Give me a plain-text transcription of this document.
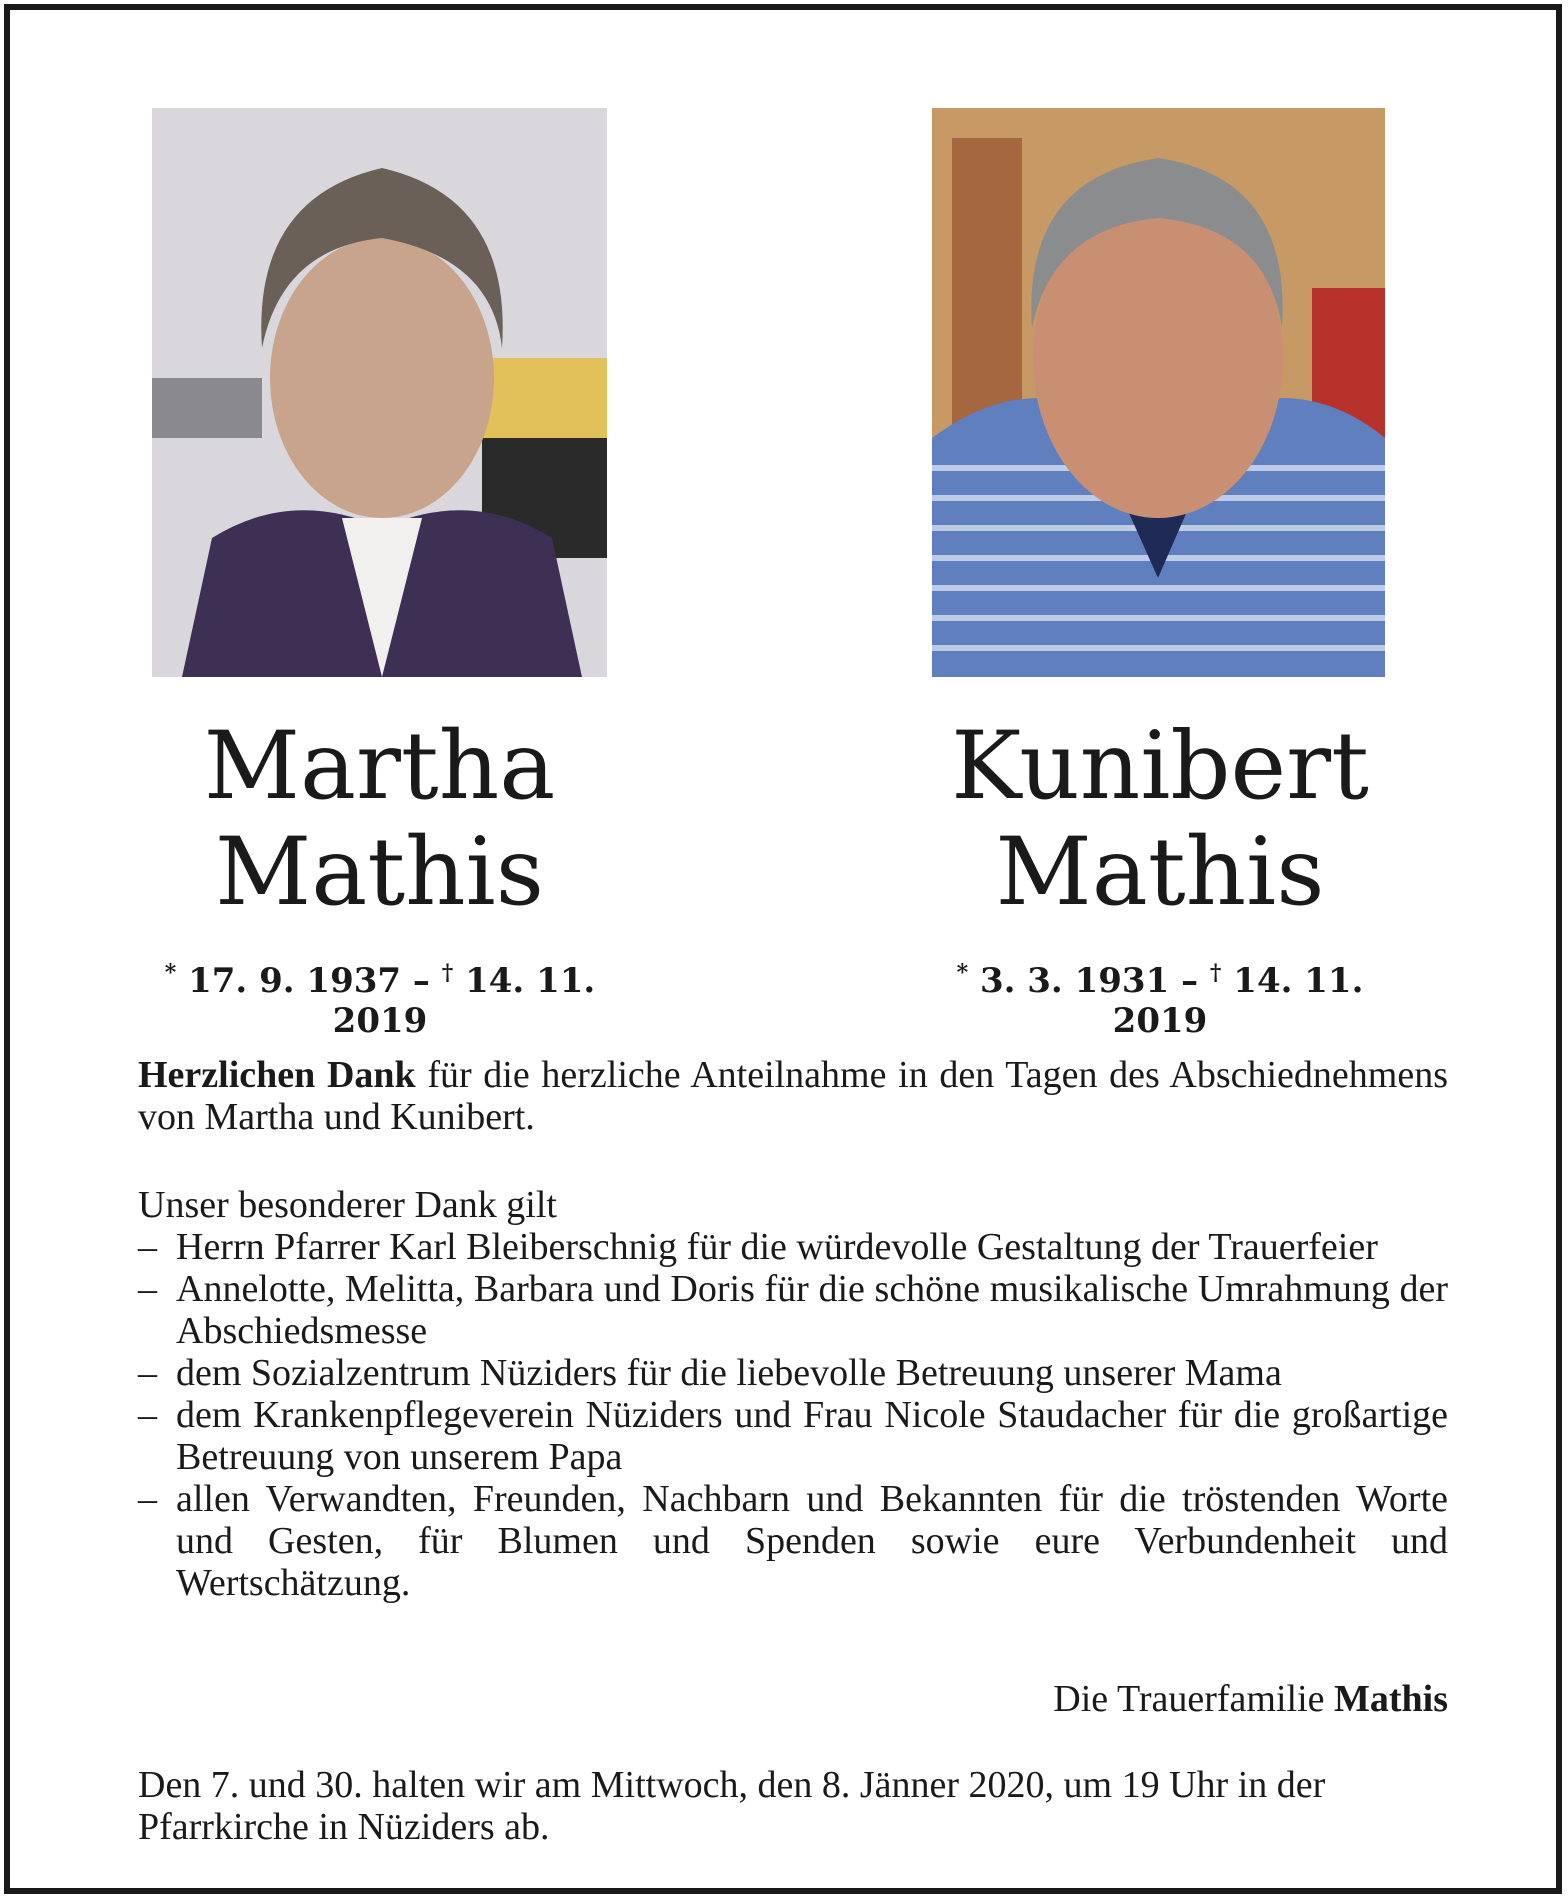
Martha
Mathis
Kunibert
Mathis
* 17. 9. 1937 – † 14. 11. 2019
* 3. 3. 1931 – † 14. 11. 2019
Herzlichen Dank für die herzliche Anteilnahme in den Tagen des Abschiednehmens von Martha und Kunibert.
Unser besonderer Dank gilt
– Herrn Pfarrer Karl Bleiberschnig für die würdevolle Gestaltung der Trauerfeier
– Annelotte, Melitta, Barbara und Doris für die schöne musikalische Umrahmung der Abschiedsmesse
– dem Sozialzentrum Nüziders für die liebevolle Betreuung unserer Mama
– dem Krankenpflegeverein Nüziders und Frau Nicole Staudacher für die großartige Betreuung von unserem Papa
– allen Verwandten, Freunden, Nachbarn und Bekannten für die tröstenden Worte und Gesten, für Blumen und Spenden sowie eure Verbundenheit und Wertschätzung.
Die Trauerfamilie Mathis
Den 7. und 30. halten wir am Mittwoch, den 8. Jänner 2020, um 19 Uhr in der Pfarrkirche in Nüziders ab.
